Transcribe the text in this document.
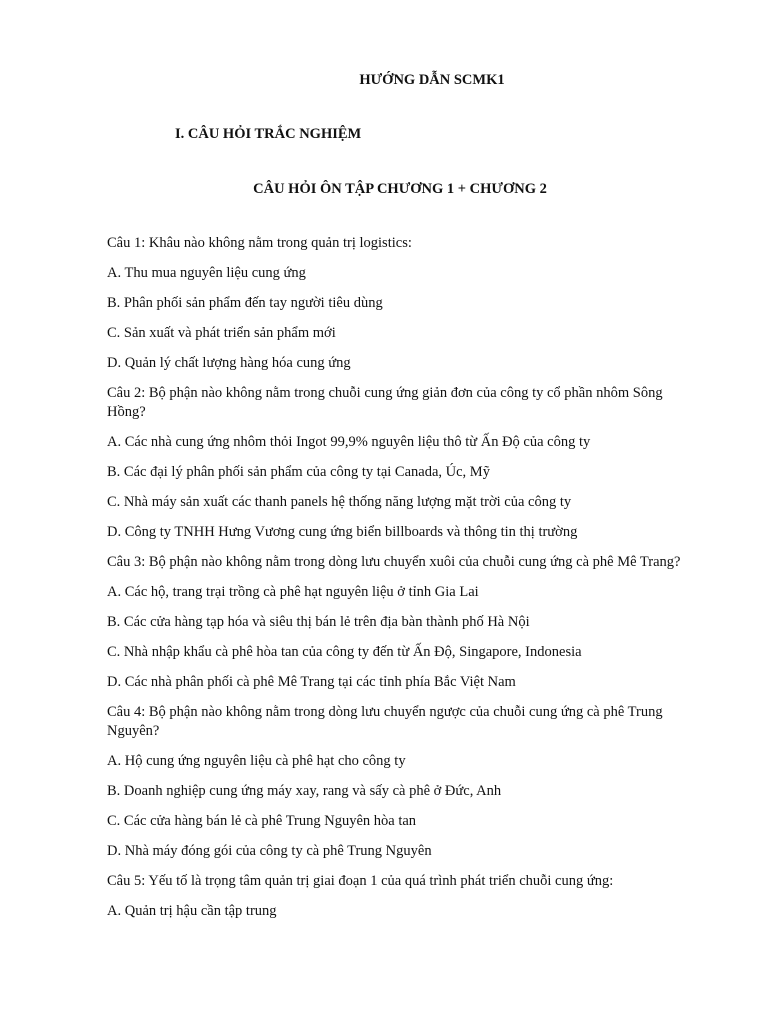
HƯỚNG DẪN SCMK1
I. CÂU HỎI TRẮC NGHIỆM
CÂU HỎI ÔN TẬP CHƯƠNG 1 + CHƯƠNG 2

Câu 1: Khâu nào không nằm trong quản trị logistics:

A. Thu mua nguyên liệu cung ứng

B. Phân phối sản phẩm đến tay người tiêu dùng

C. Sản xuất và phát triển sản phẩm mới

D. Quản lý chất lượng hàng hóa cung ứng

Câu 2: Bộ phận nào không nằm trong chuỗi cung ứng giản đơn của công ty cổ phần nhôm Sông Hồng?

A. Các nhà cung ứng nhôm thỏi Ingot 99,9% nguyên liệu thô từ Ấn Độ của công ty

B. Các đại lý phân phối sản phẩm của công ty tại Canada, Úc, Mỹ

C. Nhà máy sản xuất các thanh panels hệ thống năng lượng mặt trời của công ty

D. Công ty TNHH Hưng Vương cung ứng biển billboards và thông tin thị trường

Câu 3: Bộ phận nào không nằm trong dòng lưu chuyển xuôi của chuỗi cung ứng cà phê Mê Trang?

A. Các hộ, trang trại trồng cà phê hạt nguyên liệu ở tỉnh Gia Lai

B. Các cửa hàng tạp hóa và siêu thị bán lẻ trên địa bàn thành phố Hà Nội

C. Nhà nhập khẩu cà phê hòa tan của công ty đến từ Ấn Độ, Singapore, Indonesia

D. Các nhà phân phối cà phê Mê Trang tại các tỉnh phía Bắc Việt Nam

Câu 4: Bộ phận nào không nằm trong dòng lưu chuyển ngược của chuỗi cung ứng cà phê Trung Nguyên?

A. Hộ cung ứng nguyên liệu cà phê hạt cho công ty

B. Doanh nghiệp cung ứng máy xay, rang và sấy cà phê ở Đức, Anh

C. Các cửa hàng bán lẻ cà phê Trung Nguyên hòa tan

D. Nhà máy đóng gói của công ty cà phê Trung Nguyên

Câu 5: Yếu tố là trọng tâm quản trị giai đoạn 1 của quá trình phát triển chuỗi cung ứng:

A. Quản trị hậu cần tập trung
